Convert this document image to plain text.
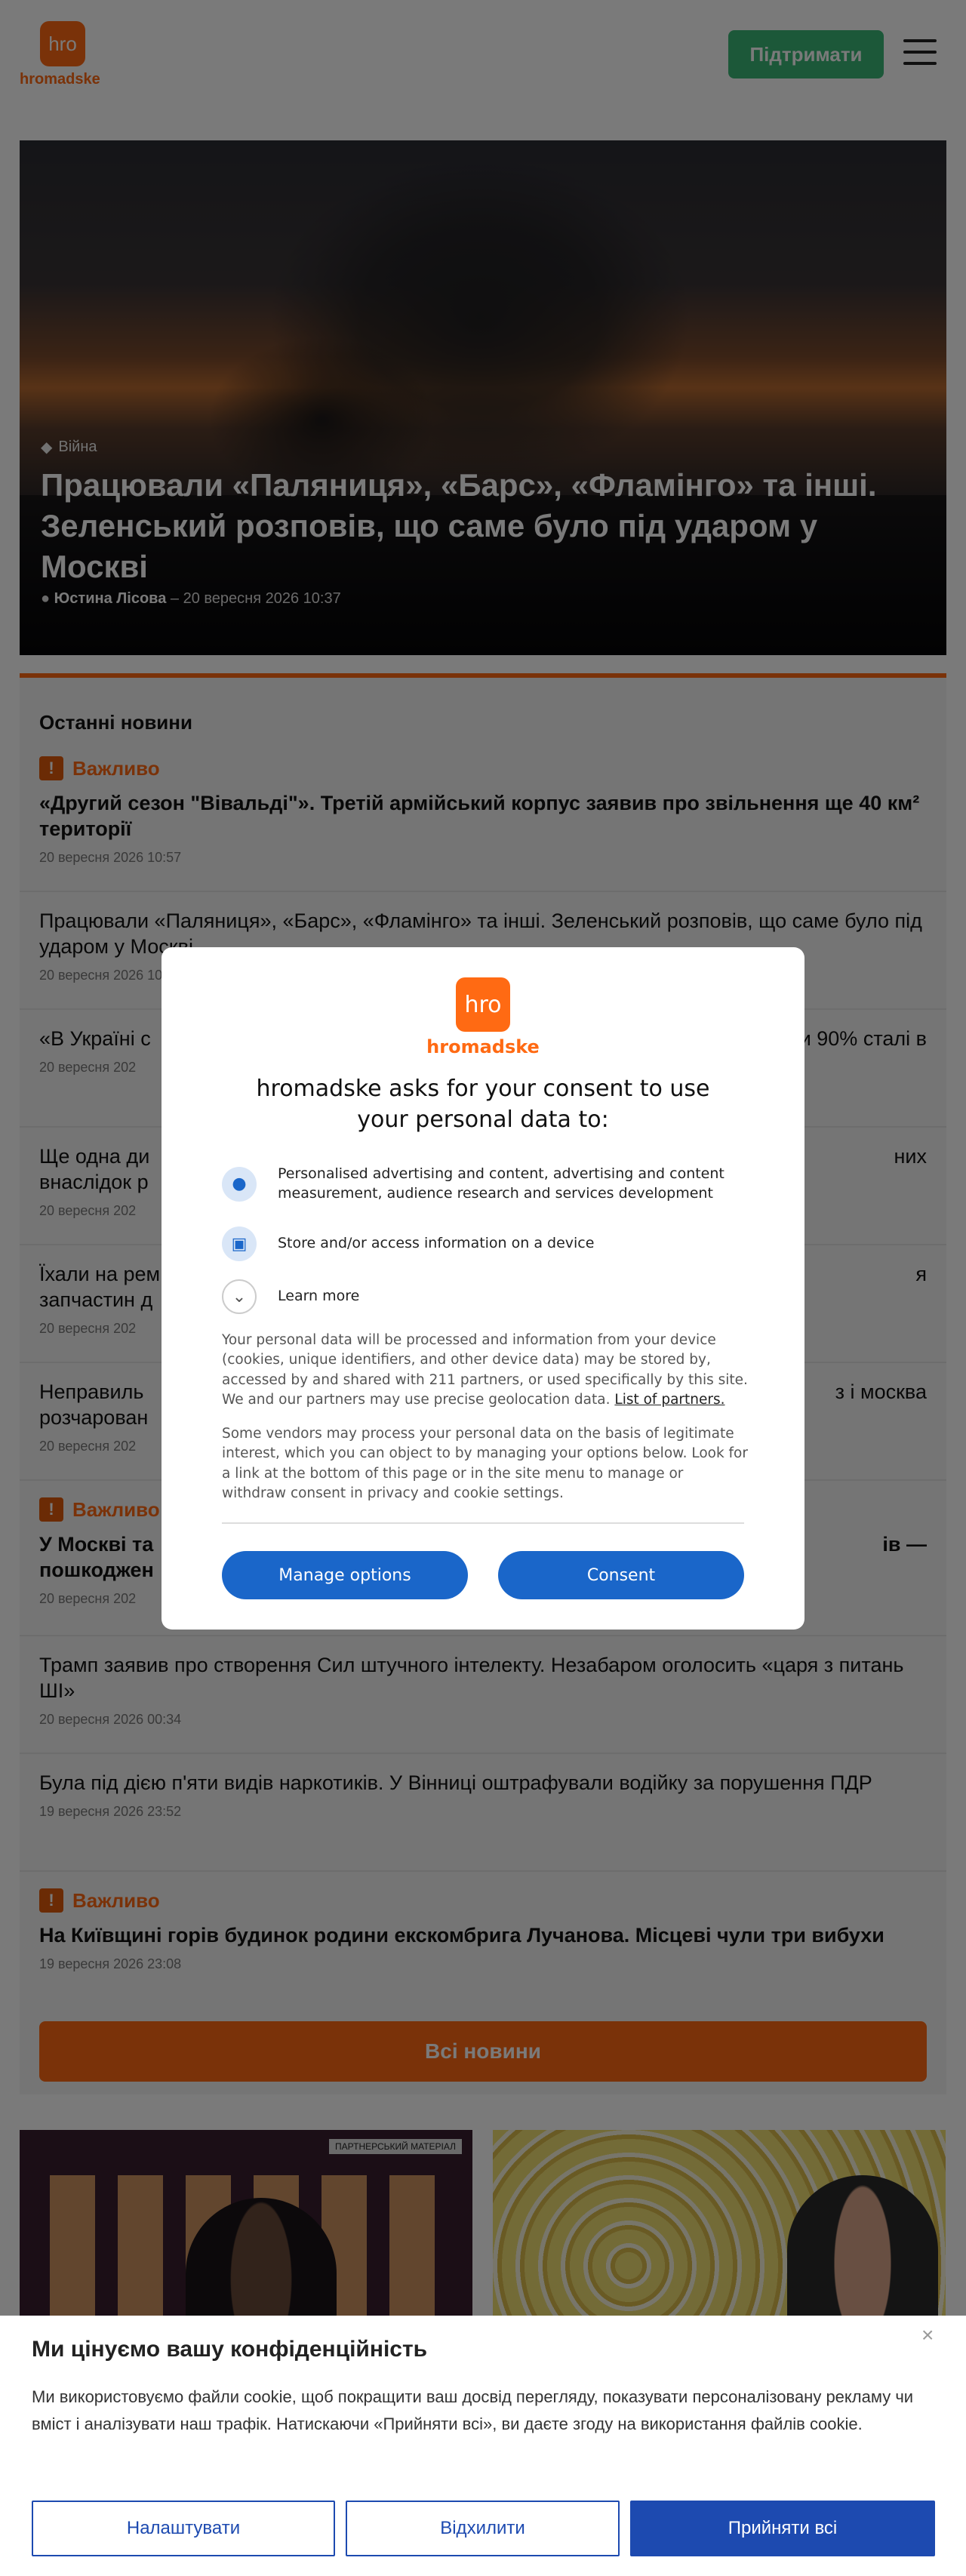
hro
hromadske
hromadske asks for your consent to use your personal data to:
●
Personalised advertising and content, advertising and content measurement, audience research and services development
▣	Store and/or access information on a device
⌄	Learn more
Your personal data will be processed and information from your device (cookies, unique identifiers, and other device data) may be stored by, accessed by and shared with 211 partners, or used specifically by this site. We and our partners may use precise geolocation data. List of partners.
Some vendors may process your personal data on the basis of legitimate interest, which you can object to by managing your options below. Look for a link at the bottom of this page or in the site menu to manage or withdraw consent in privacy and cookie settings.
Manage options	Consent
×
Ми цінуємо вашу конфіденційність
Ми використовуємо файли cookie, щоб покращити ваш досвід перегляду, показувати персоналізовану рекламу чи вміст і аналізувати наш трафік. Натискаючи «Прийняти всі», ви даєте згоду на використання файлів cookie.
Налаштувати	Відхилити	Прийняти всі
